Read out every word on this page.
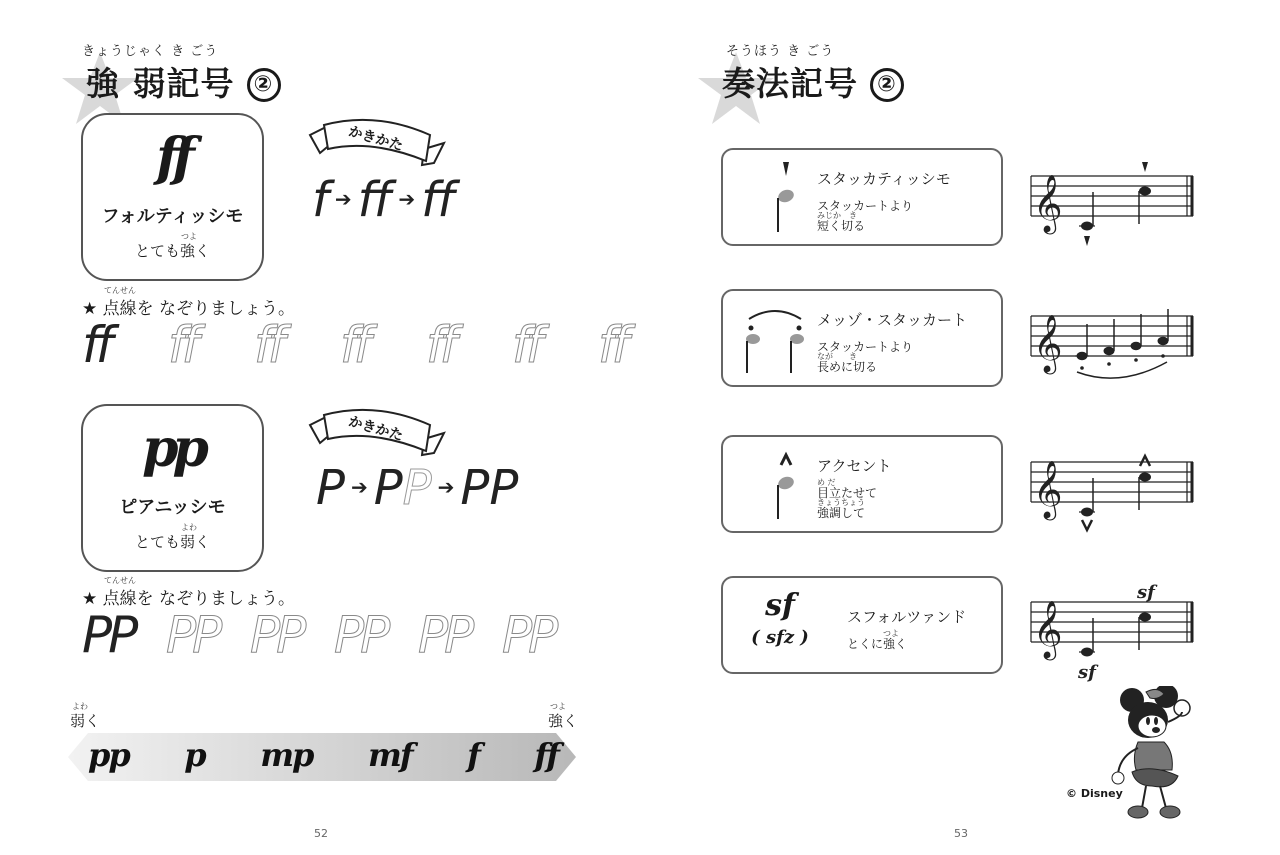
きょうじゃく き ごう
強 弱記号 ②
ff
フォルティッシモ
つよ
とても強く
かきかた
f ➔ f ➔ ff
てんせん
★ 点線を なぞりましょう。
ff	ff	ff	ff	ff	ff	ff
pp
ピアニッシモ
よわ
とても弱く
かきかた
P ➔ PP ➔ PP
てんせん
★ 点線を なぞりましょう。
PP PP PP PP PP PP
よわ
弱く
つよ
強く
pp p mp mf f ff
52
そうほう き ごう
奏法記号 ②
スタッカティッシモ
スタッカートより
みじか　き
短く切る	𝄞
メッゾ・スタッカート
スタッカートより
なが　　き
長めに切る	𝄞
アクセント
め だ
目立たせて
きょうちょう
強調して	𝄞
sf
( sfz )
スフォルツァンド
つよ
とくに強く	𝄞
sf
sf
© Disney
53
